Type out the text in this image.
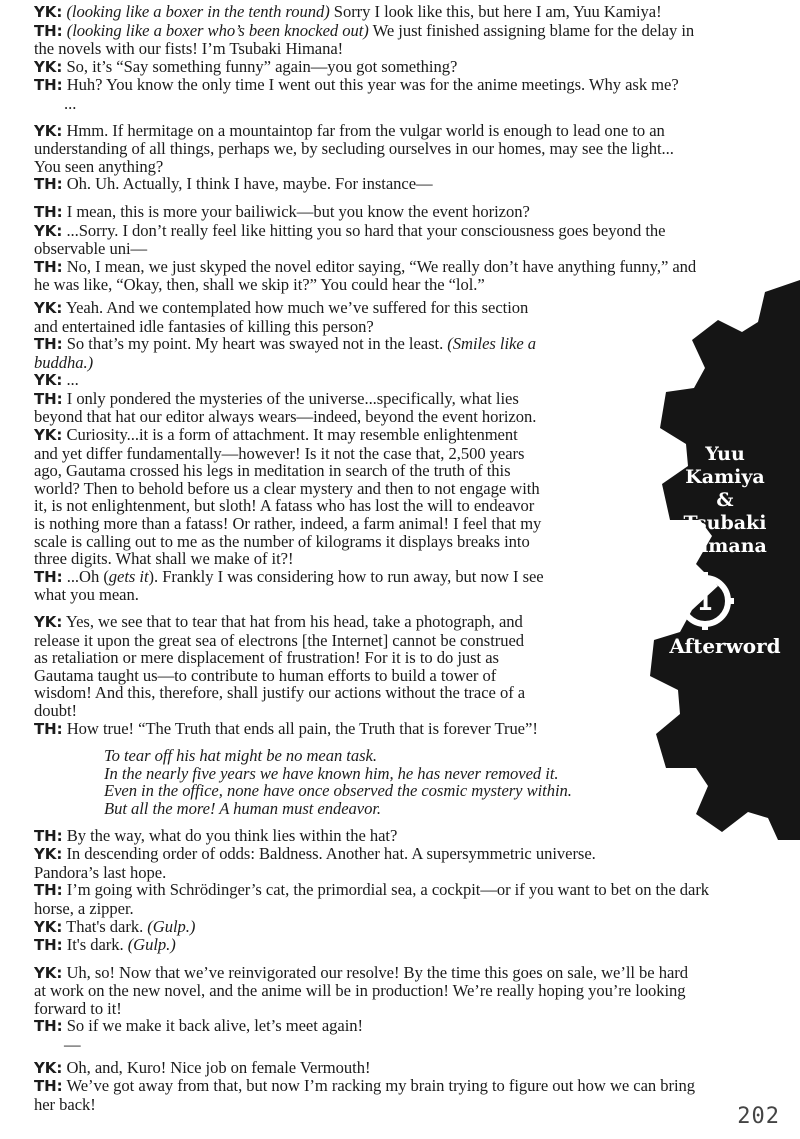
Yuu
Kamiya
&
Tsubaki
Himana
1
Afterword
YK: (looking like a boxer in the tenth round) Sorry I look like this, but here I am, Yuu Kamiya!
TH: (looking like a boxer who’s been knocked out) We just finished assigning blame for the delay in
the novels with our fists! I’m Tsubaki Himana!
YK: So, it’s “Say something funny” again—you got something?
TH: Huh? You know the only time I went out this year was for the anime meetings. Why ask me?
...
YK: Hmm. If hermitage on a mountaintop far from the vulgar world is enough to lead one to an
understanding of all things, perhaps we, by secluding ourselves in our homes, may see the light...
You seen anything?
TH: Oh. Uh. Actually, I think I have, maybe. For instance—
TH: I mean, this is more your bailiwick—but you know the event horizon?
YK: ...Sorry. I don’t really feel like hitting you so hard that your consciousness goes beyond the
observable uni—
TH: No, I mean, we just skyped the novel editor saying, “We really don’t have anything funny,” and
he was like, “Okay, then, shall we skip it?” You could hear the “lol.”
YK: Yeah. And we contemplated how much we’ve suffered for this section
and entertained idle fantasies of killing this person?
TH: So that’s my point. My heart was swayed not in the least. (Smiles like a
buddha.)
YK: ...
TH: I only pondered the mysteries of the universe...specifically, what lies
beyond that hat our editor always wears—indeed, beyond the event horizon.
YK: Curiosity...it is a form of attachment. It may resemble enlightenment
and yet differ fundamentally—however! Is it not the case that, 2,500 years
ago, Gautama crossed his legs in meditation in search of the truth of this
world? Then to behold before us a clear mystery and then to not engage with
it, is not enlightenment, but sloth! A fatass who has lost the will to endeavor
is nothing more than a fatass! Or rather, indeed, a farm animal! I feel that my
scale is calling out to me as the number of kilograms it displays breaks into
three digits. What shall we make of it?!
TH: ...Oh (gets it). Frankly I was considering how to run away, but now I see
what you mean.
YK: Yes, we see that to tear that hat from his head, take a photograph, and
release it upon the great sea of electrons [the Internet] cannot be construed
as retaliation or mere displacement of frustration! For it is to do just as
Gautama taught us—to contribute to human efforts to build a tower of
wisdom! And this, therefore, shall justify our actions without the trace of a
doubt!
TH: How true! “The Truth that ends all pain, the Truth that is forever True”!
To tear off his hat might be no mean task.
In the nearly five years we have known him, he has never removed it.
Even in the office, none have once observed the cosmic mystery within.
But all the more! A human must endeavor.
TH: By the way, what do you think lies within the hat?
YK: In descending order of odds: Baldness. Another hat. A supersymmetric universe.
Pandora’s last hope.
TH: I’m going with Schrödinger’s cat, the primordial sea, a cockpit—or if you want to bet on the dark
horse, a zipper.
YK: That's dark. (Gulp.)
TH: It's dark. (Gulp.)
YK: Uh, so! Now that we’ve reinvigorated our resolve! By the time this goes on sale, we’ll be hard
at work on the new novel, and the anime will be in production! We’re really hoping you’re looking
forward to it!
TH: So if we make it back alive, let’s meet again!
—
YK: Oh, and, Kuro! Nice job on female Vermouth!
TH: We’ve got away from that, but now I’m racking my brain trying to figure out how we can bring
her back!	202
